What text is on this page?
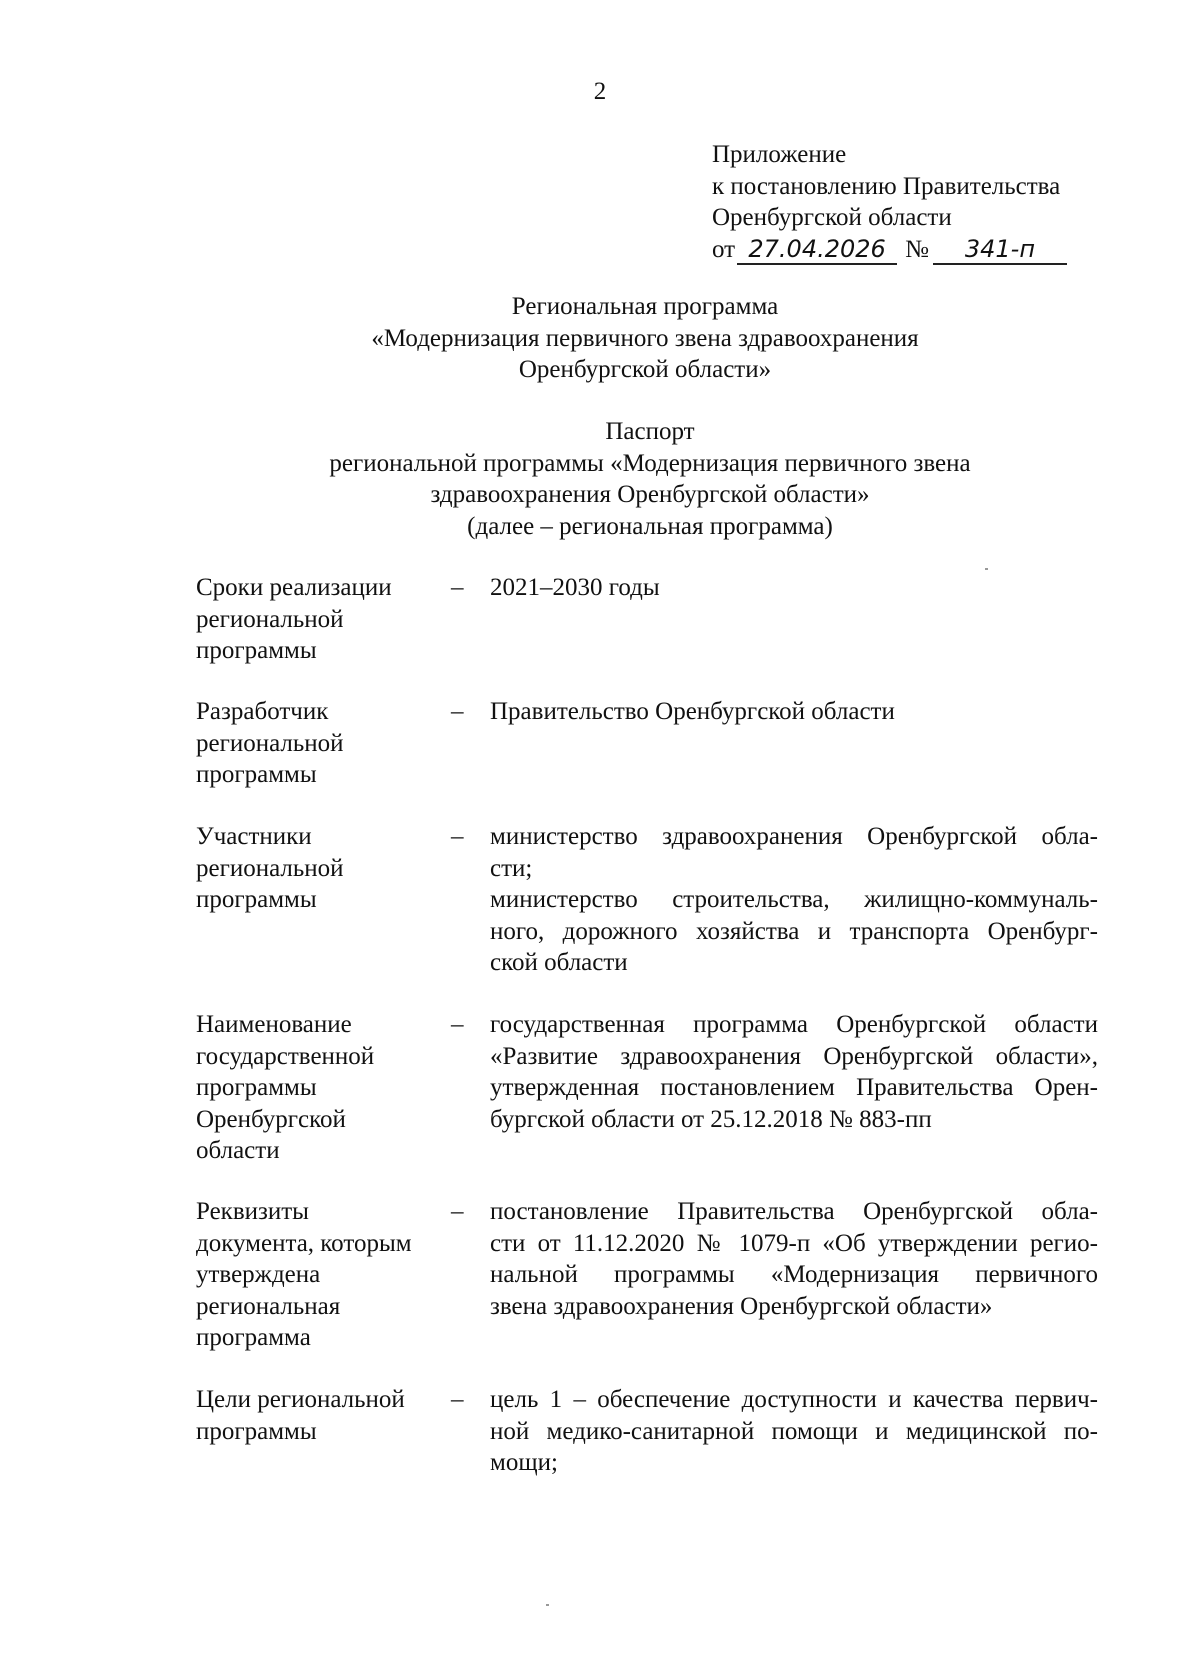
2
Приложение
к постановлению Правительства
Оренбургской области
от 27.04.2026 № 341-п
Региональная программа
«Модернизация первичного звена здравоохранения
Оренбургской области»
Паспорт
региональной программы «Модернизация первичного звена
здравоохранения Оренбургской области»
(далее – региональная программа)
Сроки реализации
региональной
программы
– 2021–2030 годы
Разработчик
региональной
программы
– Правительство Оренбургской области
Участники
региональной
программы
– министерство здравоохранения Оренбургской обла-
сти;
министерство строительства, жилищно-коммуналь-
ного, дорожного хозяйства и транспорта Оренбург-
ской области
Наименование
государственной
программы
Оренбургской
области
– государственная программа Оренбургской области
«Развитие здравоохранения Оренбургской области»,
утвержденная постановлением Правительства Орен-
бургской области от 25.12.2018 № 883-пп
Реквизиты
документа, которым
утверждена
региональная
программа
– постановление Правительства Оренбургской обла-
сти от 11.12.2020 № 1079-п «Об утверждении регио-
нальной программы «Модернизация первичного
звена здравоохранения Оренбургской области»
Цели региональной
программы
– цель 1 – обеспечение доступности и качества первич-
ной медико-санитарной помощи и медицинской по-
мощи;
